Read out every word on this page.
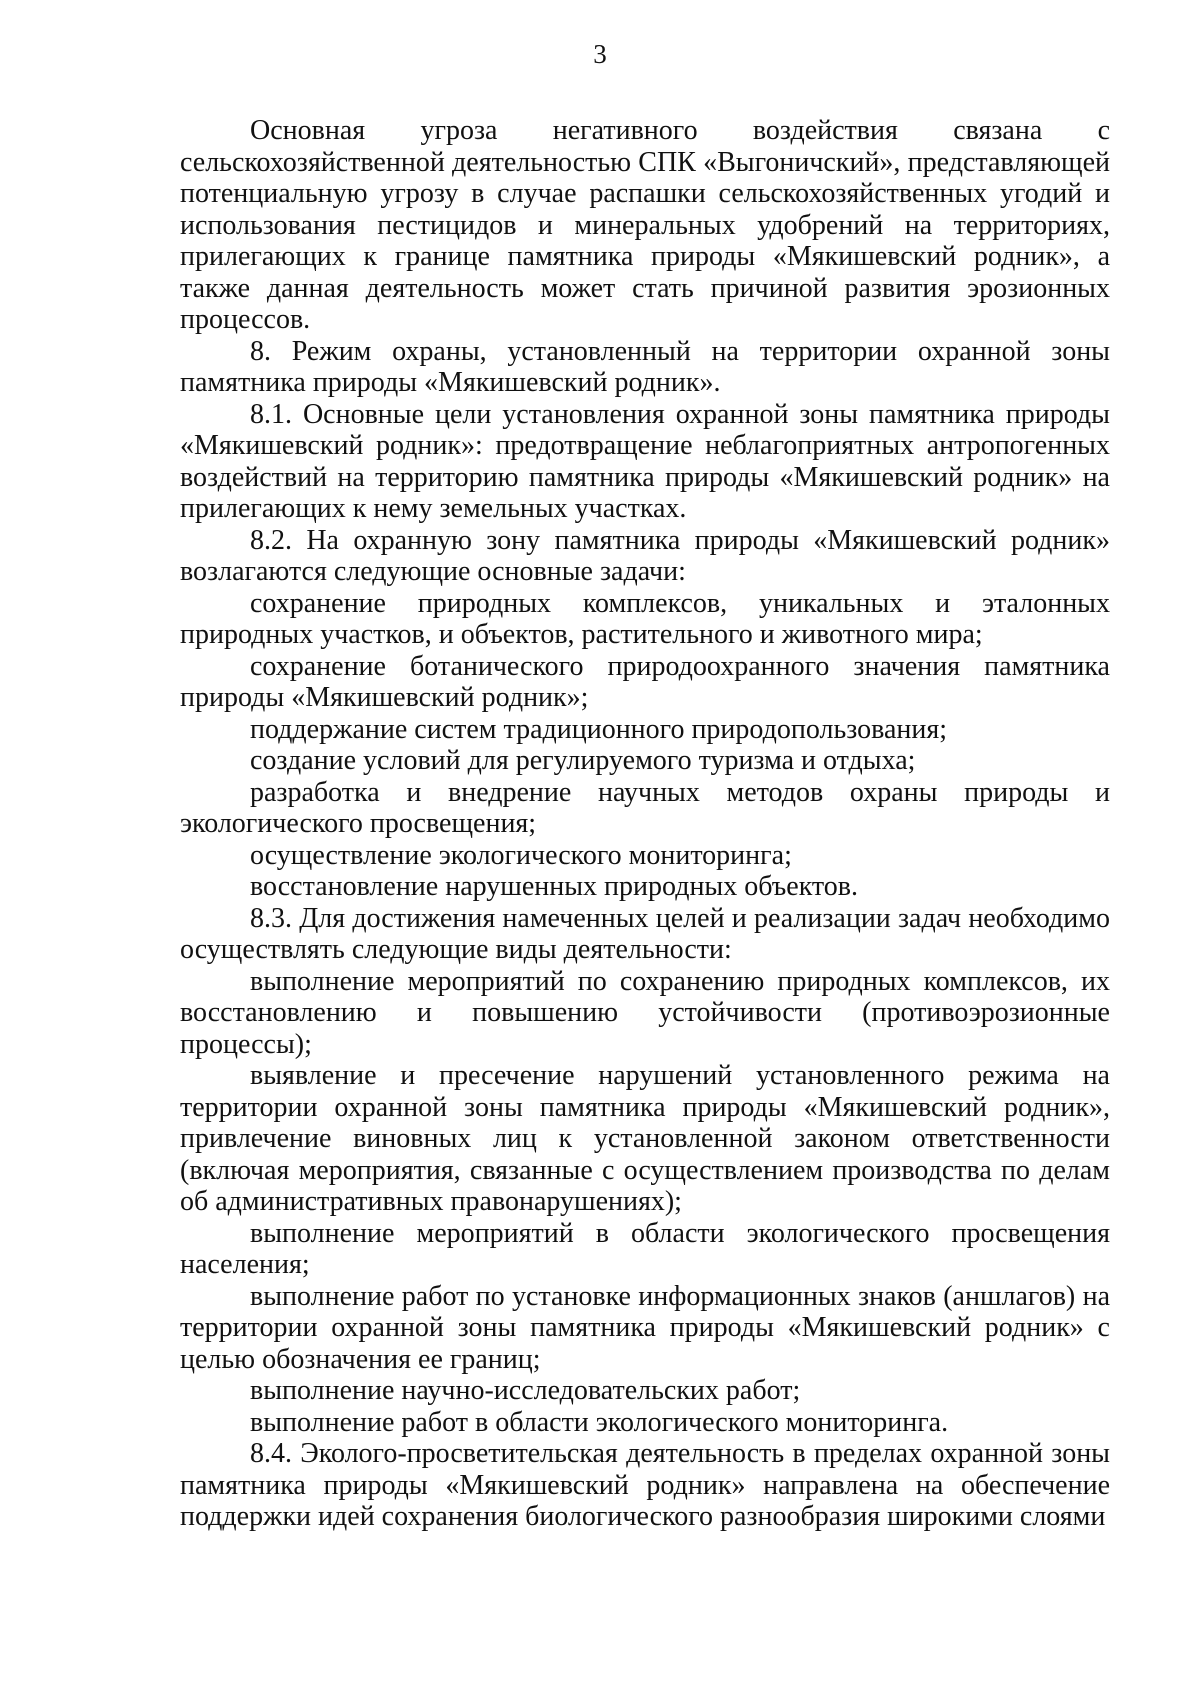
3

Основная угроза негативного воздействия связана с сельскохозяйственной деятельностью СПК «Выгоничский», представляющей потенциальную угрозу в случае распашки сельскохозяйственных угодий и использования пестицидов и минеральных удобрений на территориях, прилегающих к границе памятника природы «Мякишевский родник», а также данная деятельность может стать причиной развития эрозионных процессов.

8. Режим охраны, установленный на территории охранной зоны памятника природы «Мякишевский родник».

8.1. Основные цели установления охранной зоны памятника природы «Мякишевский родник»: предотвращение неблагоприятных антропогенных воздействий на территорию памятника природы «Мякишевский родник» на прилегающих к нему земельных участках.

8.2. На охранную зону памятника природы «Мякишевский родник» возлагаются следующие основные задачи:

сохранение природных комплексов, уникальных и эталонных природных участков, и объектов, растительного и животного мира;

сохранение ботанического природоохранного значения памятника природы «Мякишевский родник»;

поддержание систем традиционного природопользования;

создание условий для регулируемого туризма и отдыха;

разработка и внедрение научных методов охраны природы и экологического просвещения;

осуществление экологического мониторинга;

восстановление нарушенных природных объектов.

8.3. Для достижения намеченных целей и реализации задач необходимо осуществлять следующие виды деятельности:

выполнение мероприятий по сохранению природных комплексов, их восстановлению и повышению устойчивости (противоэрозионные процессы);

выявление и пресечение нарушений установленного режима на территории охранной зоны памятника природы «Мякишевский родник», привлечение виновных лиц к установленной законом ответственности (включая мероприятия, связанные с осуществлением производства по делам об административных правонарушениях);

выполнение мероприятий в области экологического просвещения населения;

выполнение работ по установке информационных знаков (аншлагов) на территории охранной зоны памятника природы «Мякишевский родник» с целью обозначения ее границ;

выполнение научно-исследовательских работ;

выполнение работ в области экологического мониторинга.

8.4. Эколого-просветительская деятельность в пределах охранной зоны памятника природы «Мякишевский родник» направлена на обеспечение поддержки идей сохранения биологического разнообразия широкими слоями
